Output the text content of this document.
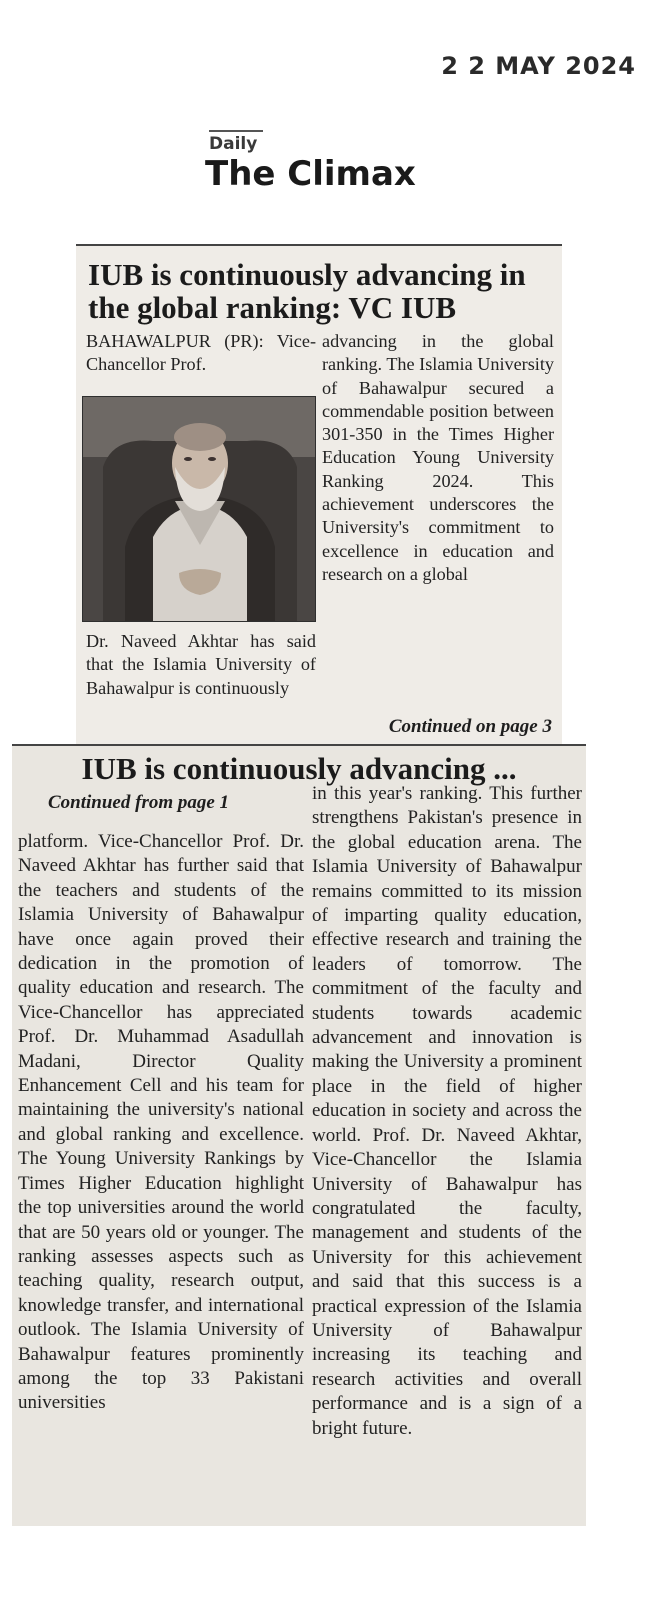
2 2 MAY 2024
Daily
The Climax
IUB is continuously advancing in the global ranking: VC IUB
BAHAWALPUR (PR): Vice-Chancellor Prof.
Dr. Naveed Akhtar has said that the Islamia University of Bahawalpur is continuously
advancing in the global ranking. The Islamia University of Bahawalpur secured a commendable position between 301-350 in the Times Higher Education Young University Ranking 2024. This achievement underscores the University's commitment to excellence in education and research on a global
Continued on page 3
IUB is continuously advancing ...
Continued from page 1
platform. Vice-Chancellor Prof. Dr. Naveed Akhtar has further said that the teachers and students of the Islamia University of Bahawalpur have once again proved their dedication in the promotion of quality education and research. The Vice-Chancellor has appreciated Prof. Dr. Muhammad Asadullah Madani, Director Quality Enhancement Cell and his team for maintaining the university's national and global ranking and excellence. The Young University Rankings by Times Higher Education highlight the top universities around the world that are 50 years old or younger. The ranking assesses aspects such as teaching quality, research output, knowledge transfer, and international outlook. The Islamia University of Bahawalpur features prominently among the top 33 Pakistani universities
in this year's ranking. This further strengthens Pakistan's presence in the global education arena. The Islamia University of Bahawalpur remains committed to its mission of imparting quality education, effective research and training the leaders of tomorrow. The commitment of the faculty and students towards academic advancement and innovation is making the University a prominent place in the field of higher education in society and across the world. Prof. Dr. Naveed Akhtar, Vice-Chancellor the Islamia University of Bahawalpur has congratulated the faculty, management and students of the University for this achievement and said that this success is a practical expression of the Islamia University of Bahawalpur increasing its teaching and research activities and overall performance and is a sign of a bright future.
